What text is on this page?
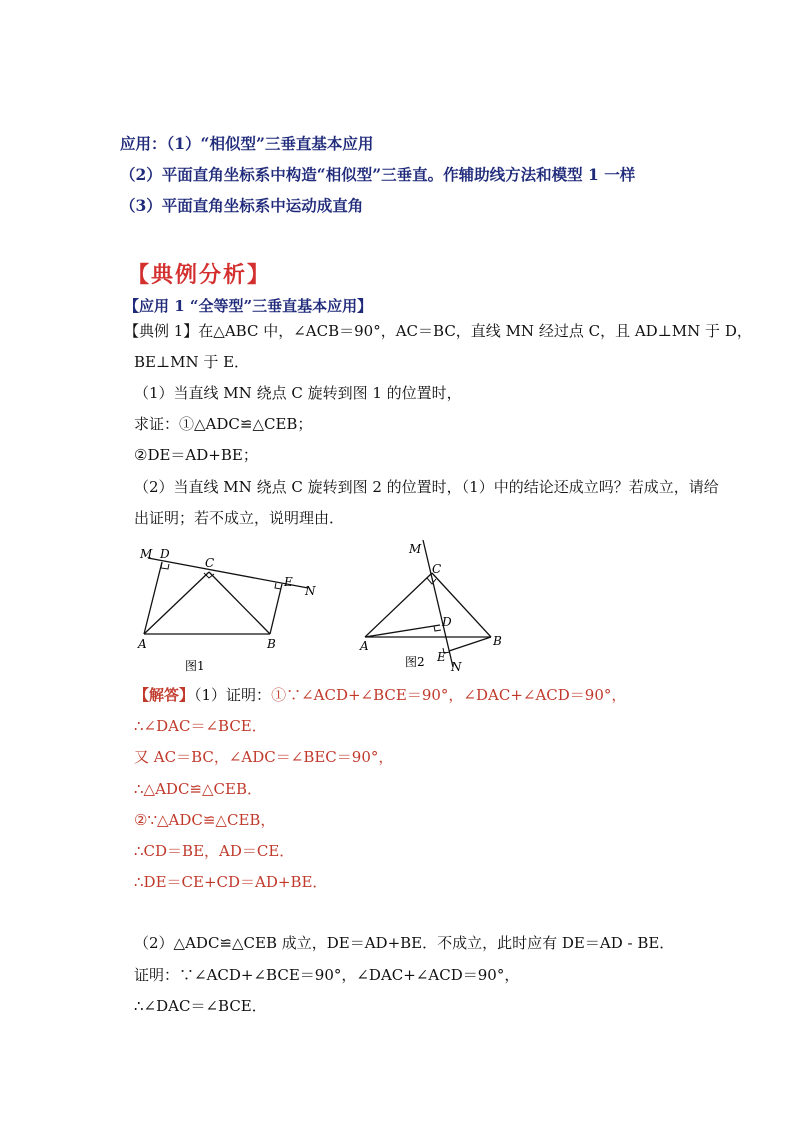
应用：（1）“相似型”三垂直基本应用
（2）平面直角坐标系中构造“相似型”三垂直。作辅助线方法和模型 1 一样
（3）平面直角坐标系中运动成直角
【典例分析】
【应用 1 “全等型”三垂直基本应用】
【典例 1】在△ABC 中，∠ACB＝90°，AC＝BC，直线 MN 经过点 C，且 AD⊥MN 于 D，
BE⊥MN 于 E．
（1）当直线 MN 绕点 C 旋转到图 1 的位置时，
求证：①△ADC≌△CEB；
②DE＝AD+BE；
（2）当直线 MN 绕点 C 旋转到图 2 的位置时，（1）中的结论还成立吗？若成立，请给
出证明；若不成立，说明理由．
M D
C
E
N
A	B
图1
M
C
D
A	B
E
N
图2
【解答】（1）证明：①∵∠ACD+∠BCE＝90°，∠DAC+∠ACD＝90°，
∴∠DAC＝∠BCE．
又 AC＝BC，∠ADC＝∠BEC＝90°，
∴△ADC≌△CEB．
②∵△ADC≌△CEB，
∴CD＝BE，AD＝CE．
∴DE＝CE+CD＝AD+BE．
（2）△ADC≌△CEB 成立，DE＝AD+BE．不成立，此时应有 DE＝AD - BE．
证明：∵∠ACD+∠BCE＝90°，∠DAC+∠ACD＝90°，
∴∠DAC＝∠BCE．
